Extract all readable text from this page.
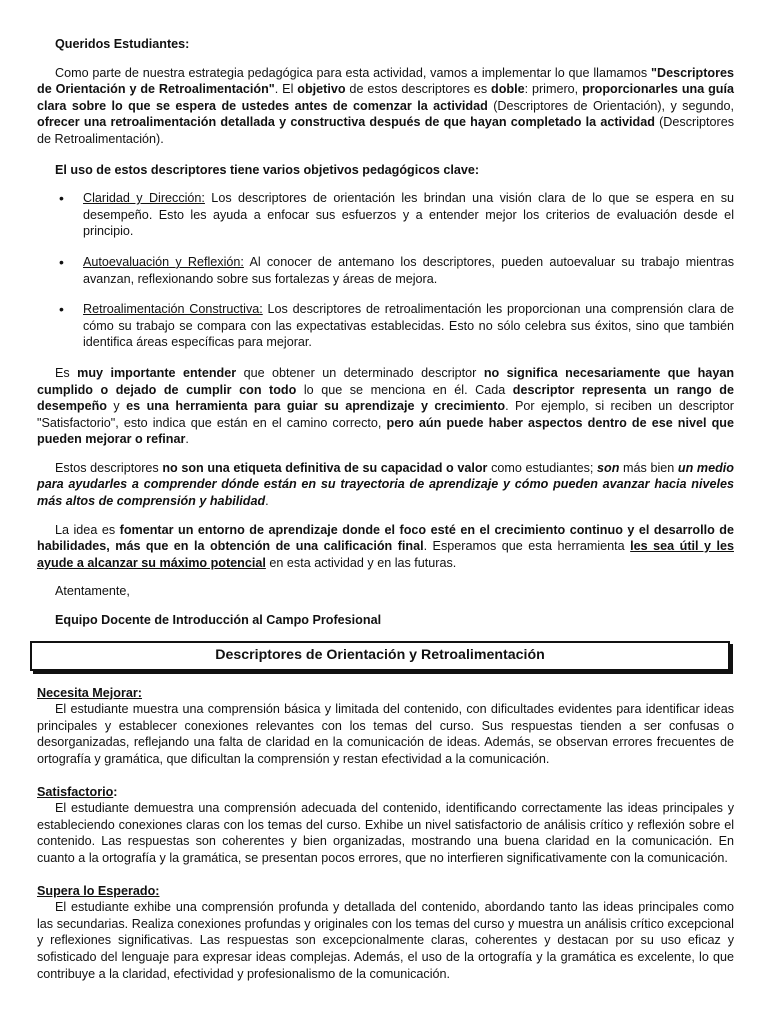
Queridos Estudiantes:

Como parte de nuestra estrategia pedagógica para esta actividad, vamos a implementar lo que llamamos "Descriptores de Orientación y de Retroalimentación". El objetivo de estos descriptores es doble: primero, proporcionarles una guía clara sobre lo que se espera de ustedes antes de comenzar la actividad (Descriptores de Orientación), y segundo, ofrecer una retroalimentación detallada y constructiva después de que hayan completado la actividad (Descriptores de Retroalimentación).

El uso de estos descriptores tiene varios objetivos pedagógicos clave:

• Claridad y Dirección: Los descriptores de orientación les brindan una visión clara de lo que se espera en su desempeño. Esto les ayuda a enfocar sus esfuerzos y a entender mejor los criterios de evaluación desde el principio.
• Autoevaluación y Reflexión: Al conocer de antemano los descriptores, pueden autoevaluar su trabajo mientras avanzan, reflexionando sobre sus fortalezas y áreas de mejora.
• Retroalimentación Constructiva: Los descriptores de retroalimentación les proporcionan una comprensión clara de cómo su trabajo se compara con las expectativas establecidas. Esto no sólo celebra sus éxitos, sino que también identifica áreas específicas para mejorar.

Es muy importante entender que obtener un determinado descriptor no significa necesariamente que hayan cumplido o dejado de cumplir con todo lo que se menciona en él. Cada descriptor representa un rango de desempeño y es una herramienta para guiar su aprendizaje y crecimiento. Por ejemplo, si reciben un descriptor "Satisfactorio", esto indica que están en el camino correcto, pero aún puede haber aspectos dentro de ese nivel que pueden mejorar o refinar.

Estos descriptores no son una etiqueta definitiva de su capacidad o valor como estudiantes; son más bien un medio para ayudarles a comprender dónde están en su trayectoria de aprendizaje y cómo pueden avanzar hacia niveles más altos de comprensión y habilidad.

La idea es fomentar un entorno de aprendizaje donde el foco esté en el crecimiento continuo y el desarrollo de habilidades, más que en la obtención de una calificación final. Esperamos que esta herramienta les sea útil y les ayude a alcanzar su máximo potencial en esta actividad y en las futuras.

Atentamente,

Equipo Docente de Introducción al Campo Profesional

Descriptores de Orientación y Retroalimentación

Necesita Mejorar:

El estudiante muestra una comprensión básica y limitada del contenido, con dificultades evidentes para identificar ideas principales y establecer conexiones relevantes con los temas del curso. Sus respuestas tienden a ser confusas o desorganizadas, reflejando una falta de claridad en la comunicación de ideas. Además, se observan errores frecuentes de ortografía y gramática, que dificultan la comprensión y restan efectividad a la comunicación.

Satisfactorio:

El estudiante demuestra una comprensión adecuada del contenido, identificando correctamente las ideas principales y estableciendo conexiones claras con los temas del curso. Exhibe un nivel satisfactorio de análisis crítico y reflexión sobre el contenido. Las respuestas son coherentes y bien organizadas, mostrando una buena claridad en la comunicación. En cuanto a la ortografía y la gramática, se presentan pocos errores, que no interfieren significativamente con la comunicación.

Supera lo Esperado:

El estudiante exhibe una comprensión profunda y detallada del contenido, abordando tanto las ideas principales como las secundarias. Realiza conexiones profundas y originales con los temas del curso y muestra un análisis crítico excepcional y reflexiones significativas. Las respuestas son excepcionalmente claras, coherentes y destacan por su uso eficaz y sofisticado del lenguaje para expresar ideas complejas. Además, el uso de la ortografía y la gramática es excelente, lo que contribuye a la claridad, efectividad y profesionalismo de la comunicación.
